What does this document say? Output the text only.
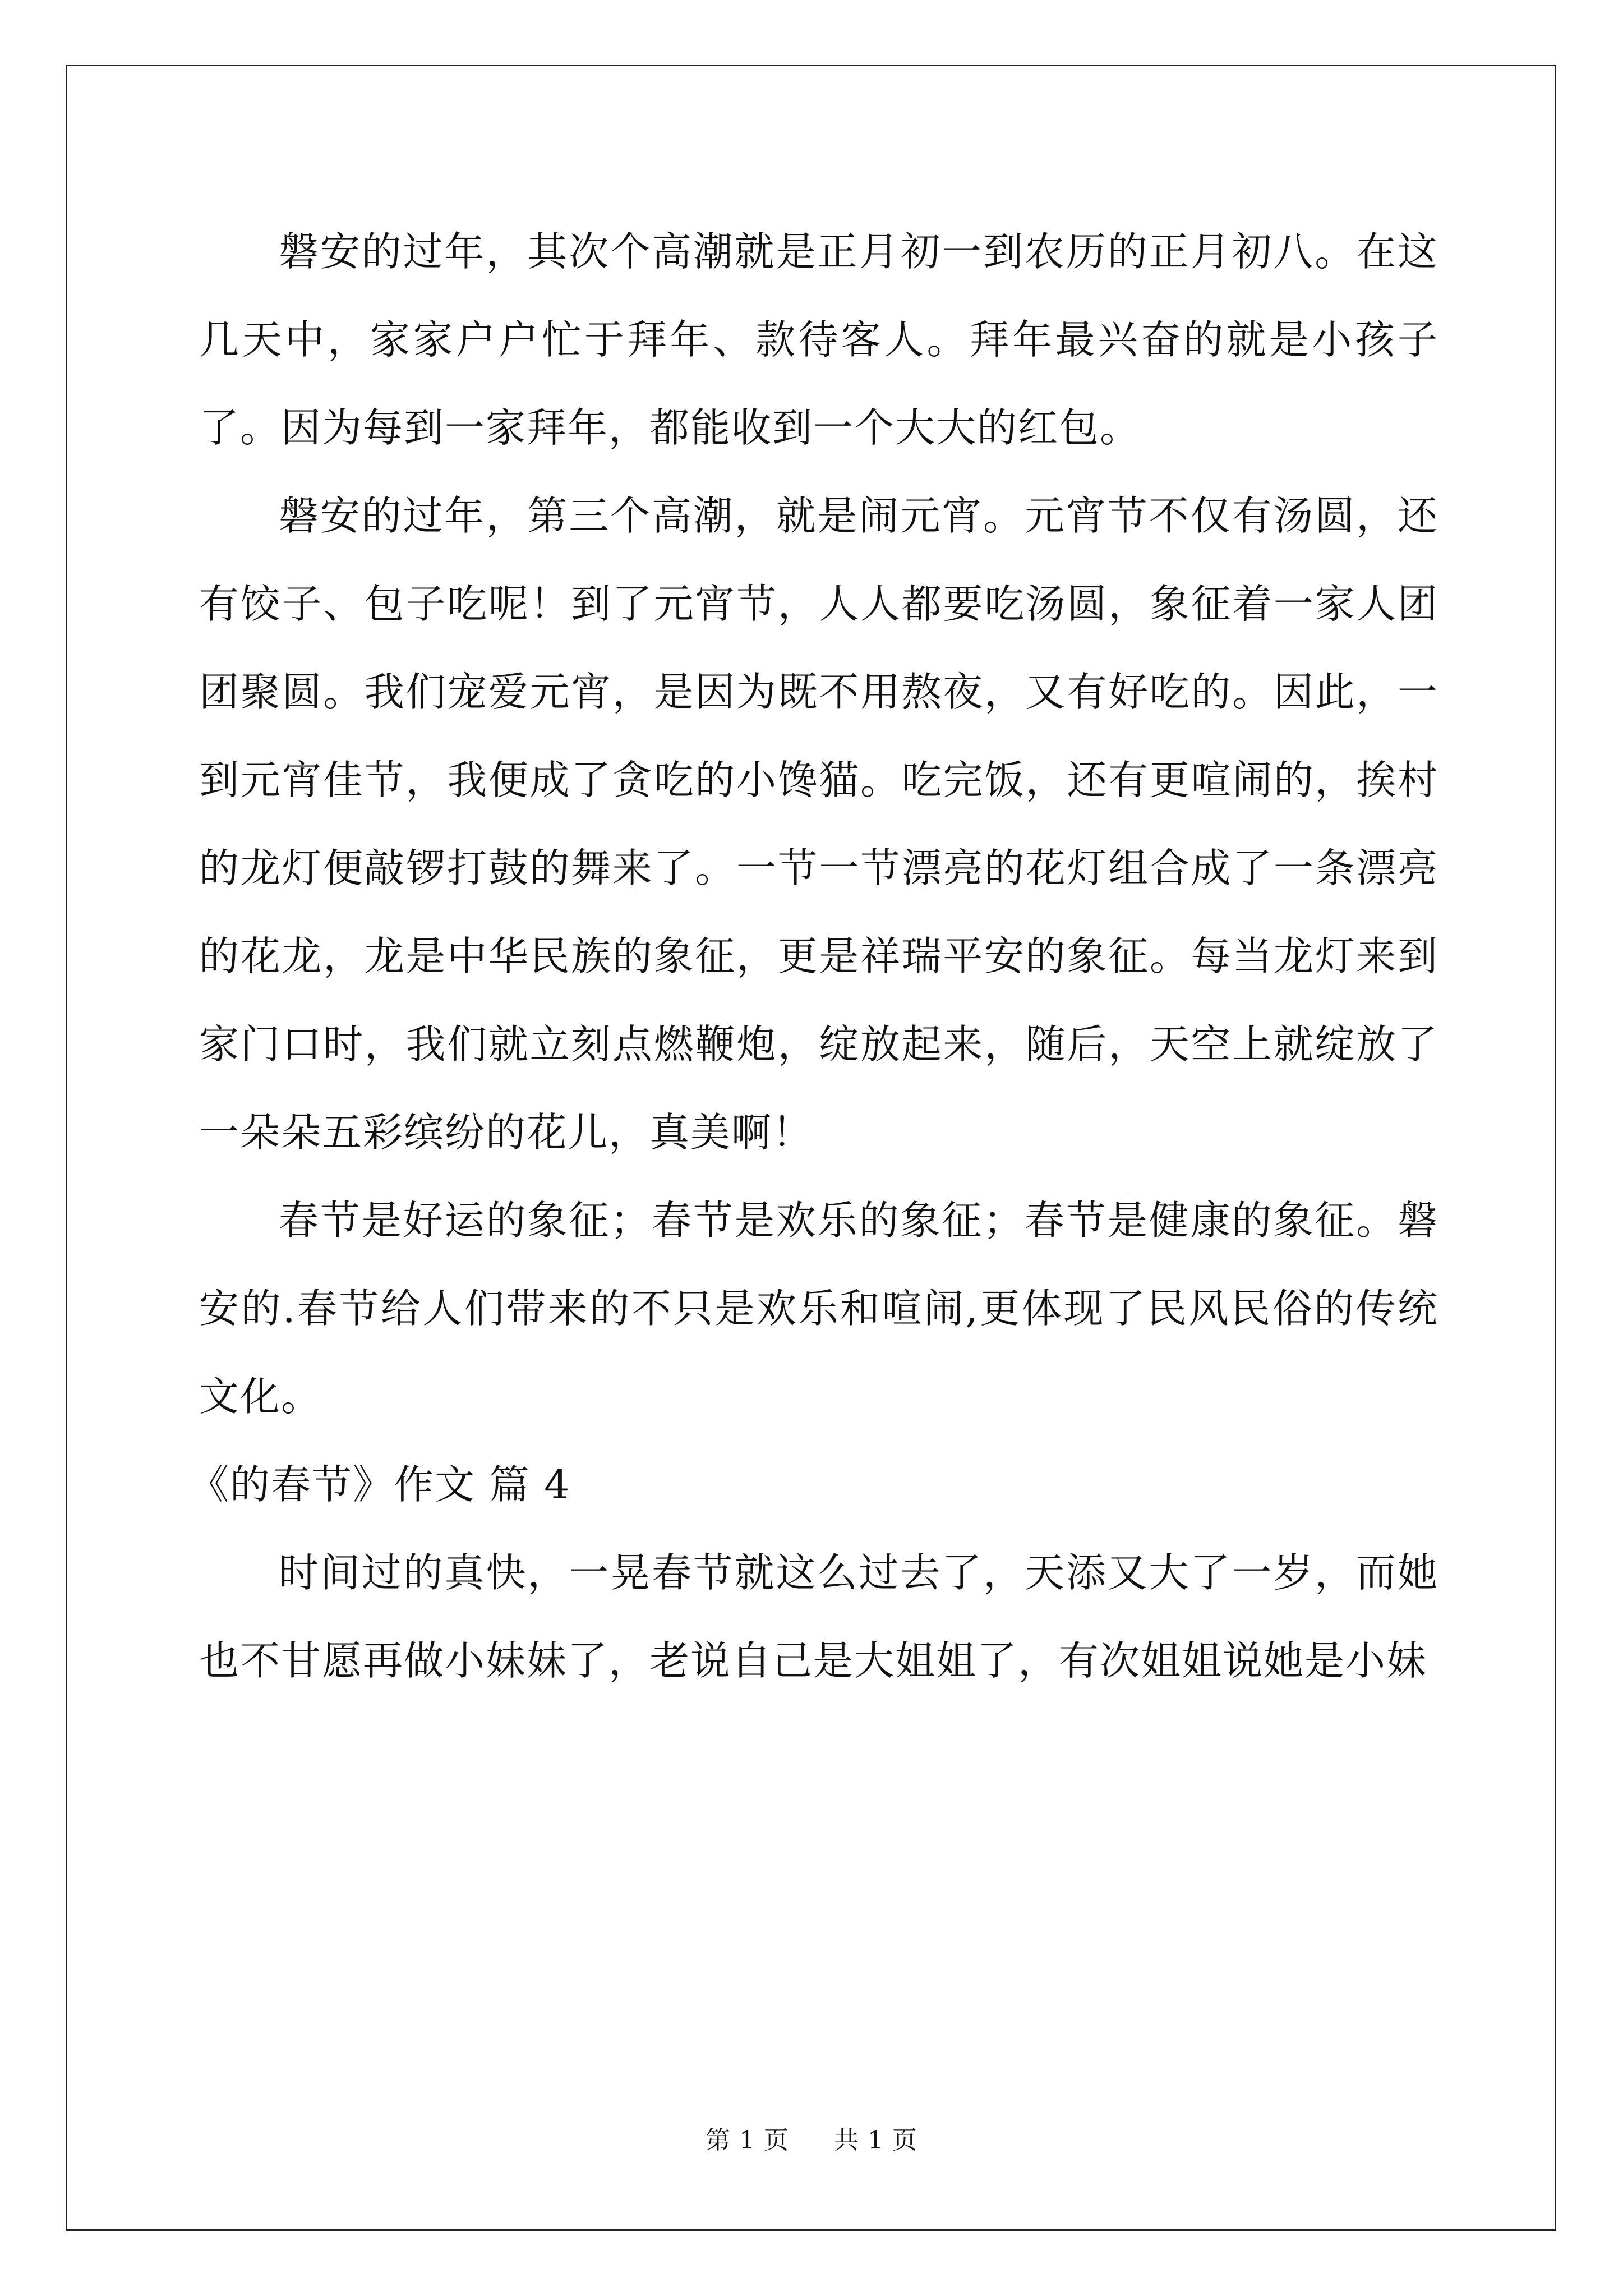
磐安的过年，其次个高潮就是正月初一到农历的正月初八。在这几天中，家家户户忙于拜年、款待客人。拜年最兴奋的就是小孩子了。因为每到一家拜年，都能收到一个大大的红包。

磐安的过年，第三个高潮，就是闹元宵。元宵节不仅有汤圆，还有饺子、包子吃呢！到了元宵节，人人都要吃汤圆，象征着一家人团团聚圆。我们宠爱元宵，是因为既不用熬夜，又有好吃的。因此，一到元宵佳节，我便成了贪吃的小馋猫。吃完饭，还有更喧闹的，挨村的龙灯便敲锣打鼓的舞来了。一节一节漂亮的花灯组合成了一条漂亮的花龙，龙是中华民族的象征，更是祥瑞平安的象征。每当龙灯来到家门口时，我们就立刻点燃鞭炮，绽放起来，随后，天空上就绽放了一朵朵五彩缤纷的花儿，真美啊！

春节是好运的象征；春节是欢乐的象征；春节是健康的象征。磐安的.春节给人们带来的不只是欢乐和喧闹,更体现了民风民俗的传统文化。

《的春节》作文 篇 4

时间过的真快，一晃春节就这么过去了，天添又大了一岁，而她也不甘愿再做小妹妹了，老说自己是大姐姐了，有次姐姐说她是小妹

第 1 页 共 1 页
